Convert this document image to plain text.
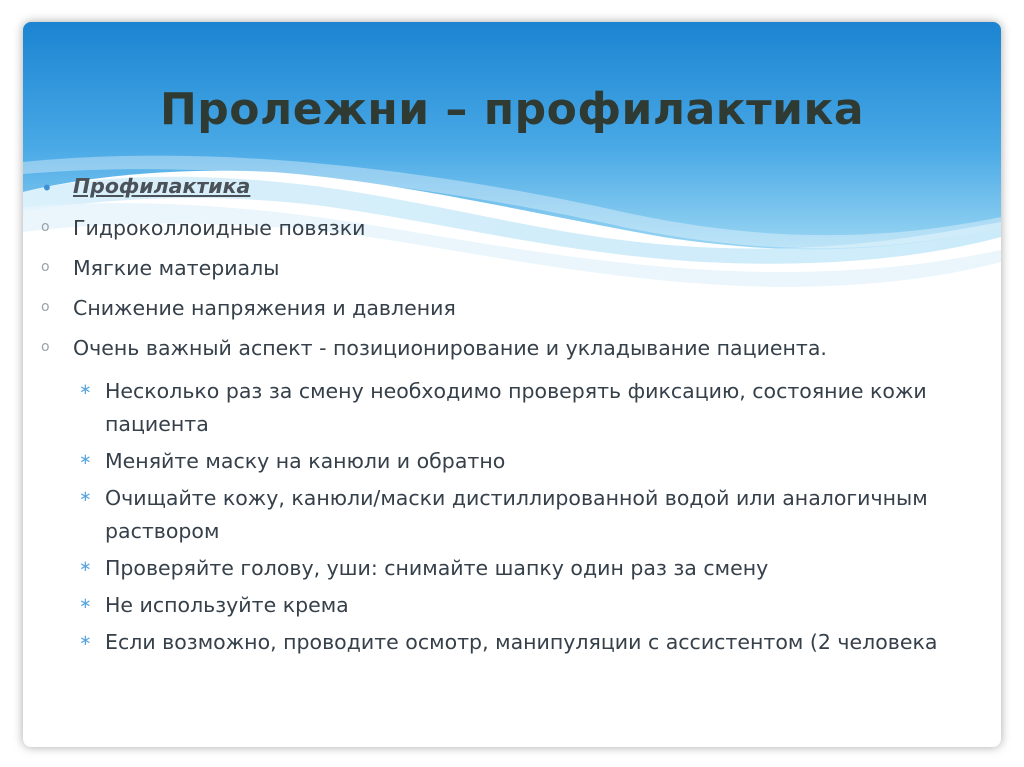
Пролежни – профилактика
• Профилактика
o Гидроколлоидные повязки
o Мягкие материалы
o Снижение напряжения и давления
o Очень важный аспект - позиционирование и укладывание пациента.
∗ Несколько раз за смену необходимо проверять фиксацию, состояние кожи пациента
∗ Меняйте маску на канюли и обратно
∗ Очищайте кожу, канюли/маски дистиллированной водой или аналогичным раствором
∗ Проверяйте голову, уши: снимайте шапку один раз за смену
∗ Не используйте крема
∗ Если возможно, проводите осмотр, манипуляции с ассистентом (2 человека
